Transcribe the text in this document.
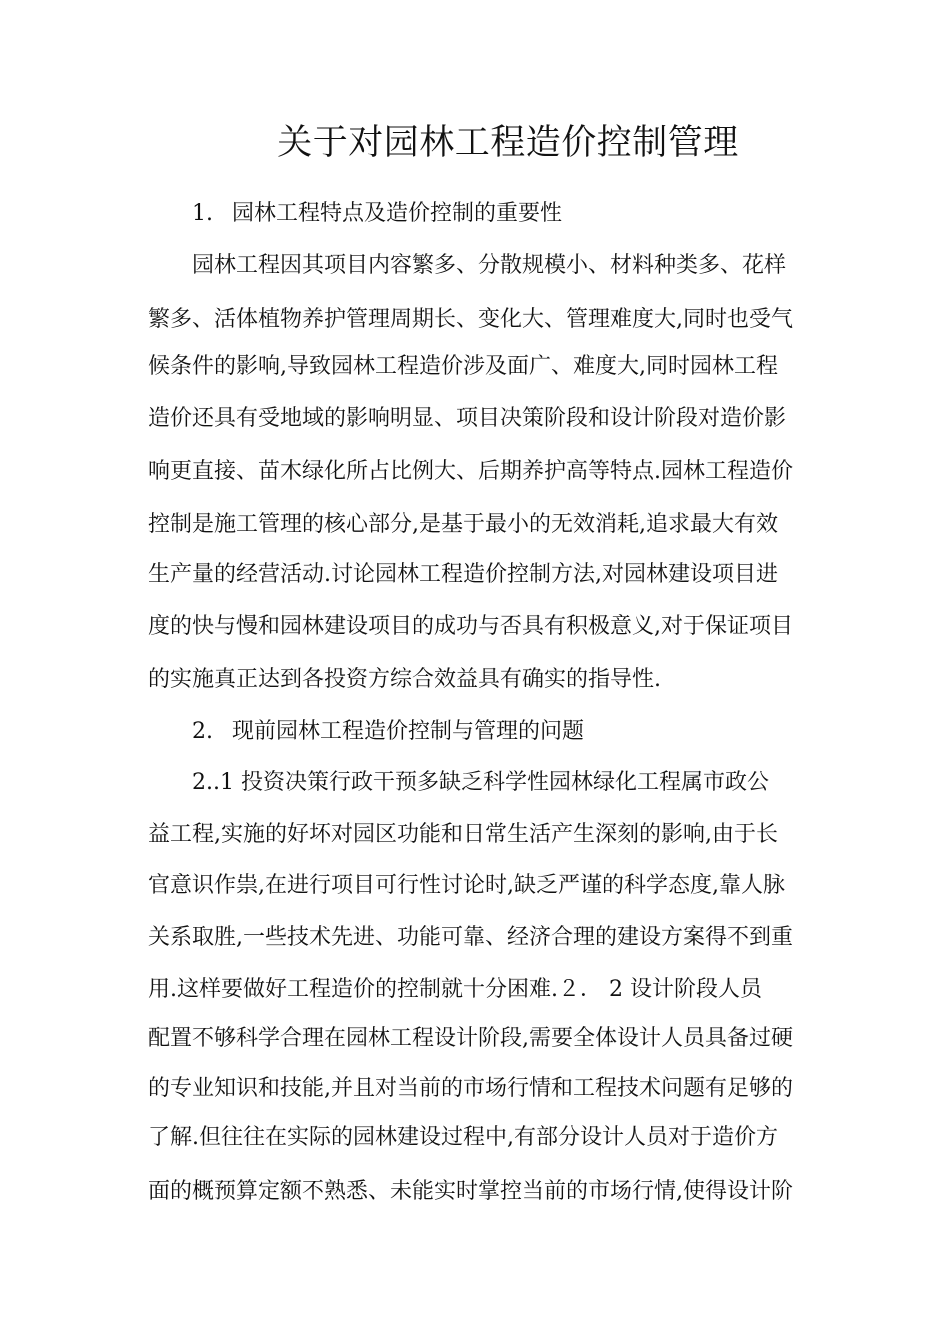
关于对园林工程造价控制管理
1. 园林工程特点及造价控制的重要性
园林工程因其项目内容繁多、分散规模小、材料种类多、花样
繁多、活体植物养护管理周期长、变化大、管理难度大,同时也受气
候条件的影响,导致园林工程造价涉及面广、难度大,同时园林工程
造价还具有受地域的影响明显、项目决策阶段和设计阶段对造价影
响更直接、苗木绿化所占比例大、后期养护高等特点.园林工程造价
控制是施工管理的核心部分,是基于最小的无效消耗,追求最大有效
生产量的经营活动.讨论园林工程造价控制方法,对园林建设项目进
度的快与慢和园林建设项目的成功与否具有积极意义,对于保证项目
的实施真正达到各投资方综合效益具有确实的指导性.
2. 现前园林工程造价控制与管理的问题
2..1 投资决策行政干预多缺乏科学性园林绿化工程属市政公
益工程,实施的好坏对园区功能和日常生活产生深刻的影响,由于长
官意识作祟,在进行项目可行性讨论时,缺乏严谨的科学态度,靠人脉
关系取胜,一些技术先进、功能可靠、经济合理的建设方案得不到重
用.这样要做好工程造价的控制就十分困难.２． 2 设计阶段人员
配置不够科学合理在园林工程设计阶段,需要全体设计人员具备过硬
的专业知识和技能,并且对当前的市场行情和工程技术问题有足够的
了解.但往往在实际的园林建设过程中,有部分设计人员对于造价方
面的概预算定额不熟悉、未能实时掌控当前的市场行情,使得设计阶
